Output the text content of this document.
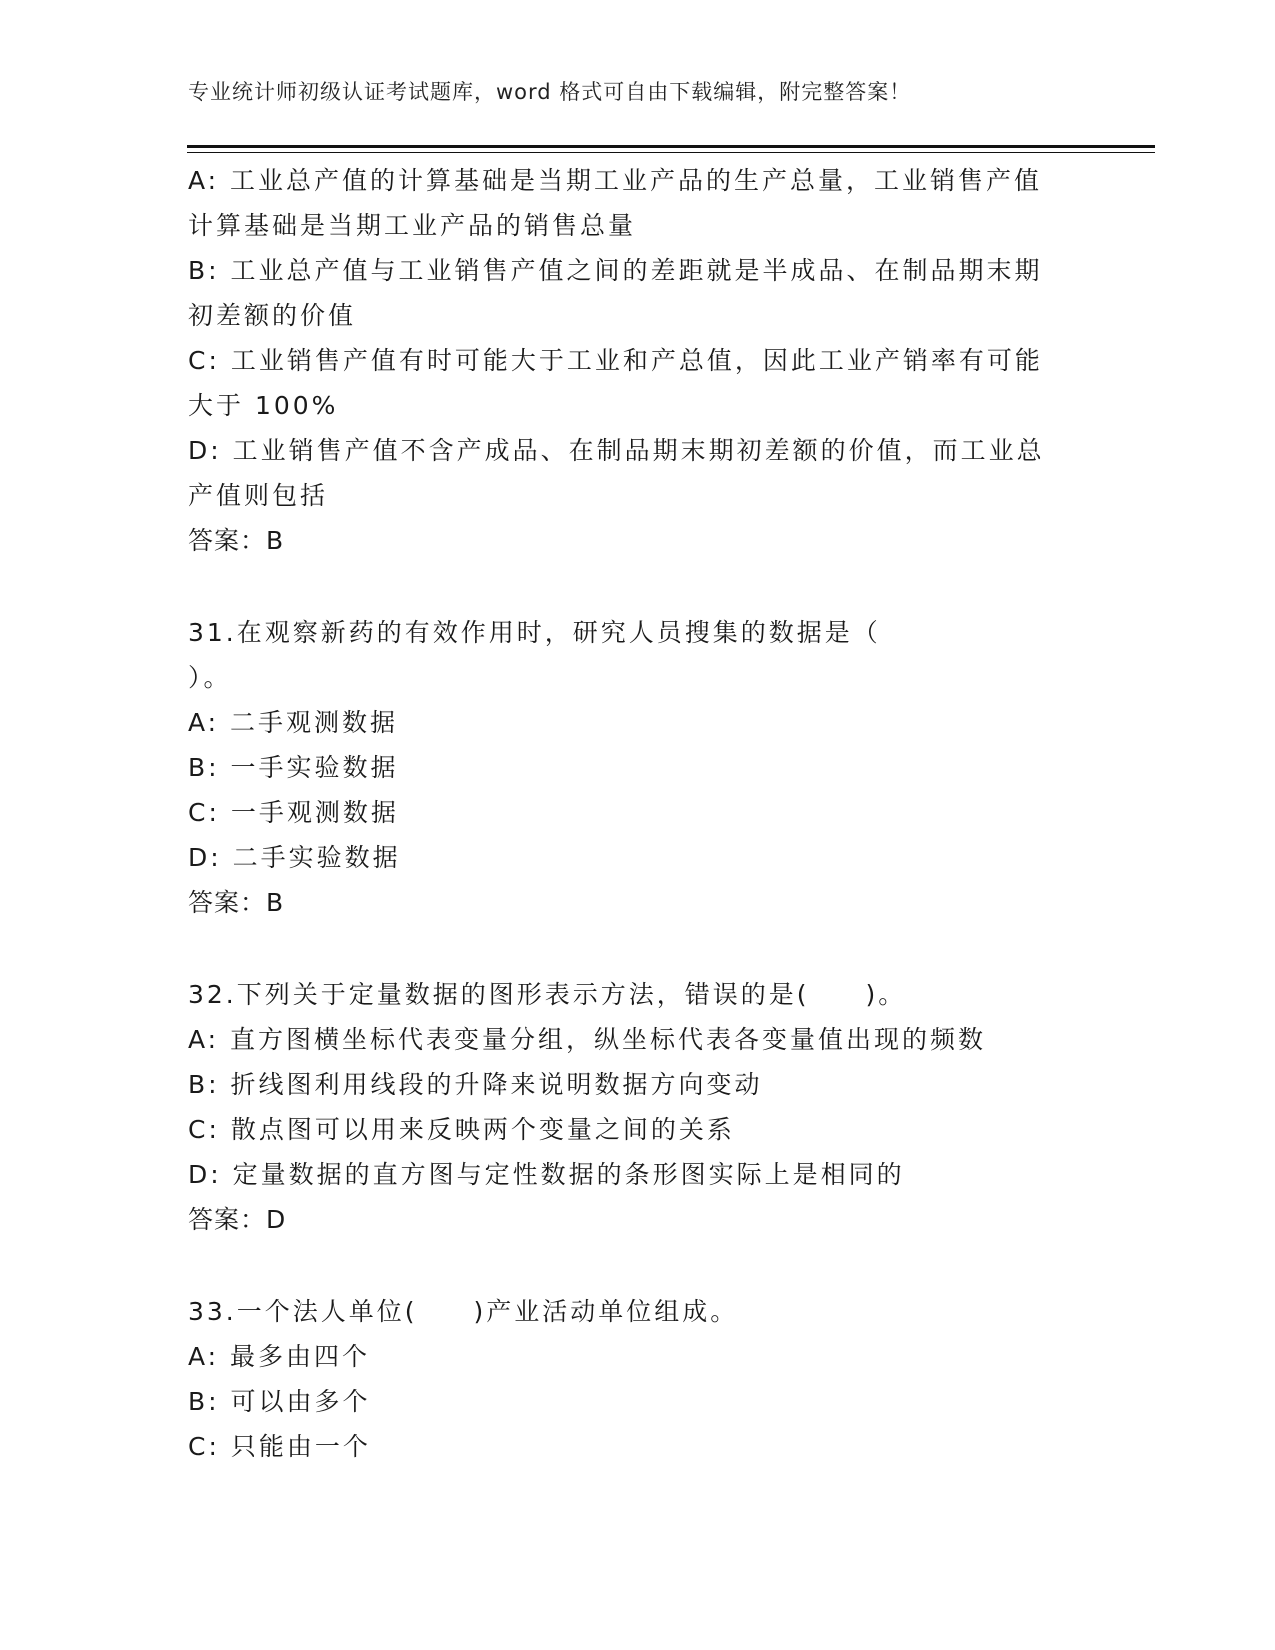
专业统计师初级认证考试题库，word 格式可自由下载编辑，附完整答案！
A: 工业总产值的计算基础是当期工业产品的生产总量，工业销售产值
计算基础是当期工业产品的销售总量
B: 工业总产值与工业销售产值之间的差距就是半成品、在制品期末期
初差额的价值
C: 工业销售产值有时可能大于工业和产总值，因此工业产销率有可能
大于 100%
D: 工业销售产值不含产成品、在制品期末期初差额的价值，而工业总
产值则包括
答案：B
31.在观察新药的有效作用时，研究人员搜集的数据是（
）。
A: 二手观测数据
B: 一手实验数据
C: 一手观测数据
D: 二手实验数据
答案：B
32.下列关于定量数据的图形表示方法，错误的是(　　)。
A: 直方图横坐标代表变量分组，纵坐标代表各变量值出现的频数
B: 折线图利用线段的升降来说明数据方向变动
C: 散点图可以用来反映两个变量之间的关系
D: 定量数据的直方图与定性数据的条形图实际上是相同的
答案：D
33.一个法人单位(　　)产业活动单位组成。
A: 最多由四个
B: 可以由多个
C: 只能由一个
